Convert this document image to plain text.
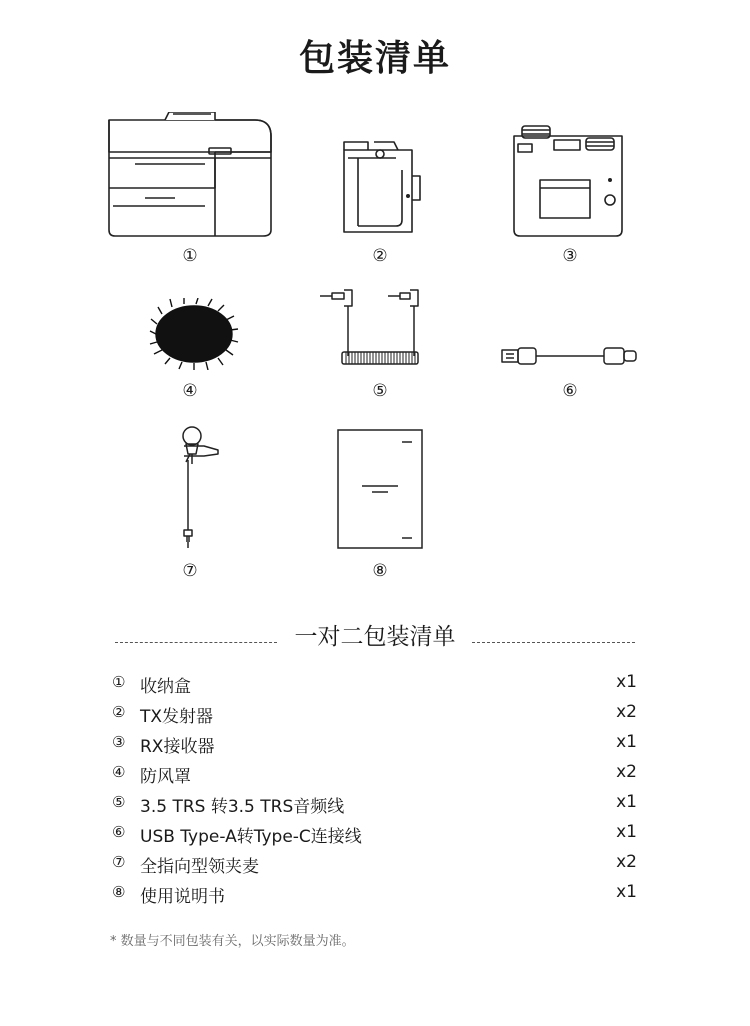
包装清单
①	②	③
④	⑤	⑥
⑦	⑧
一对二包装清单
① 收纳盒	x1
② TX发射器	x2
③ RX接收器	x1
④ 防风罩	x2
⑤ 3.5 TRS 转3.5 TRS音频线	x1
⑥ USB Type-A转Type-C连接线	x1
⑦ 全指向型领夹麦	x2
⑧ 使用说明书	x1
* 数量与不同包装有关，以实际数量为准。
